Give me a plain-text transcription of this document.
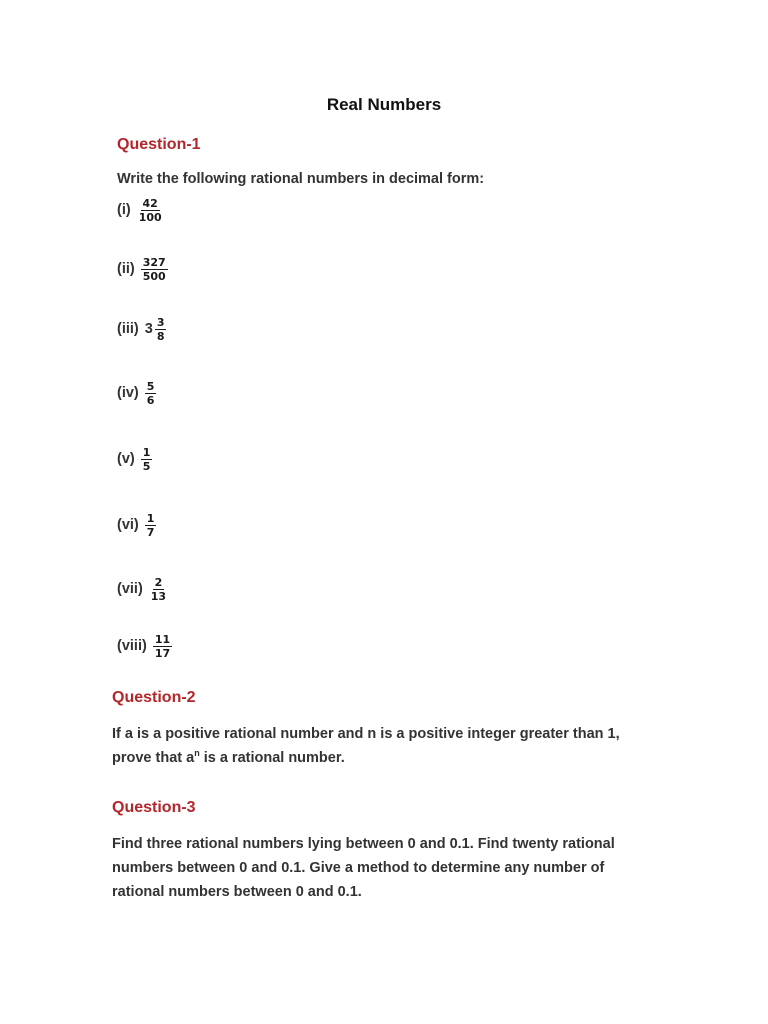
Real Numbers
Question-1
Write the following rational numbers in decimal form:
$(i) \frac{42}{100}$
$(ii) \frac{327}{500}$
(iii) $3 \frac{3}{8}$
$(iv) \frac{5}{6}$
$(v) \frac{1}{5}$
$(vi) \frac{1}{7}$
$(vii) \frac{2}{13}$
(viii) $\frac{11}{17}$
Question-2
If a is a positive rational number and n is a positive integer greater than 1,
prove that $a^n$ is a rational number.
Question-3
Find three rational numbers lying between 0 and 0.1. Find twenty rational
numbers between 0 and 0.1. Give a method to determine any number of
rational numbers between 0 and 0.1.
